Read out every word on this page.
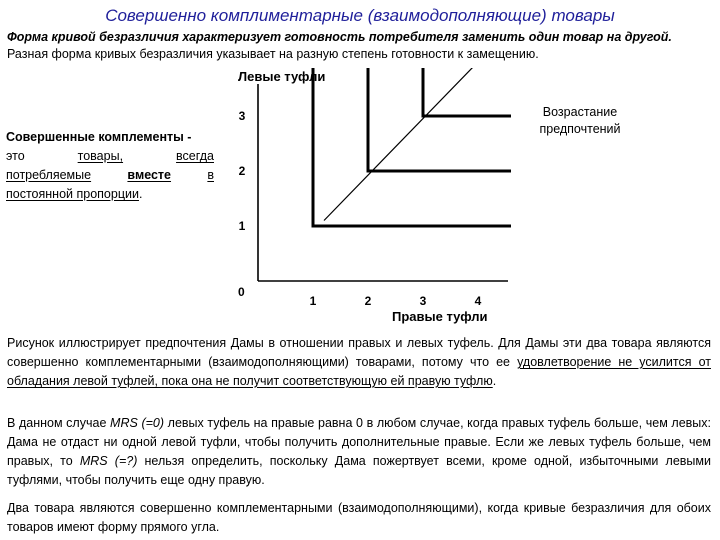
Совершенно комплиментарные (взаимодополняющие) товары
Форма кривой безразличия характеризует готовность потребителя заменить один товар на другой.
Разная форма кривых безразличия указывает на разную степень готовности к замещению.
Совершенные комплементы -
это	товары,	всегда
потребляемые	вместе	в
постоянной пропорции.
Левые туфли
Правые туфли
0
1	2	3	4
1
2
3	Возрастание предпочтений
Рисунок иллюстрирует предпочтения Дамы в отношении правых и левых туфель. Для Дамы эти два товара являются совершенно комплементарными (взаимодополняющими) товарами, потому что ее удовлетворение не усилится от обладания левой туфлей, пока она не получит соответствующую ей правую туфлю.
В данном случае MRS (=0) левых туфель на правые равна 0 в любом случае, когда правых туфель больше, чем левых: Дама не отдаст ни одной левой туфли, чтобы получить дополнительные правые. Если же левых туфель больше, чем правых, то MRS (=?) нельзя определить, поскольку Дама пожертвует всеми, кроме одной, избыточными левыми туфлями, чтобы получить еще одну правую.
Два товара являются совершенно комплементарными (взаимодополняющими), когда кривые безразличия для обоих товаров имеют форму прямого угла.
